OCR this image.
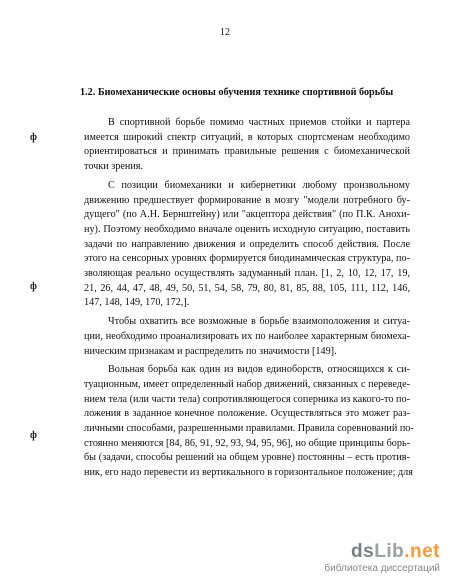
12
1.2. Биомеханические основы обучения технике спортивной борьбы
ф
ф
ф
В спортивной борьбе помимо частных приемов стойки и партера
имеется широкий спектр ситуаций, в которых спортсменам необходимо
ориентироваться и принимать правильные решения с биомеханической
точки зрения.
С позиции биомеханики и кибернетики любому произвольному
движению предшествует формирование в мозгу "модели потребного бу-
дущего" (по А.Н. Бернштейну) или "акцептора действия" (по П.К. Анохи-
ну). Поэтому необходимо вначале оценить исходную ситуацию, поставить
задачи по направлению движения и определить способ действия. После
этого на сенсорных уровнях формируется биодинамическая структура, по-
зволяющая реально осуществлять задуманный план. [1, 2, 10, 12, 17, 19,
21, 26, 44, 47, 48, 49, 50, 51, 54, 58, 79, 80, 81, 85, 88, 105, 111, 112, 146,
147, 148, 149, 170, 172,].
Чтобы охватить все возможные в борьбе взаимоположения и ситуа-
ции, необходимо проанализировать их по наиболее характерным биомеха-
ническим признакам и распределить по значимости [149].
Вольная борьба как один из видов единоборств, относящихся к си-
туационным, имеет определенный набор движений, связанных с переведе-
нием тела (или части тела) сопротивляющегося соперника из какого-то по-
ложения в заданное конечное положение. Осуществляться это может раз-
личными способами, разрешенными правилами. Правила соревнований по-
стоянно меняются [84, 86, 91, 92, 93, 94, 95, 96], но общие принципы борь-
бы (задачи, способы решений на общем уровне) постоянны – есть против-
ник, его надо перевести из вертикального в горизонтальное положение; для
dsLib.net
библиотека диссертаций
